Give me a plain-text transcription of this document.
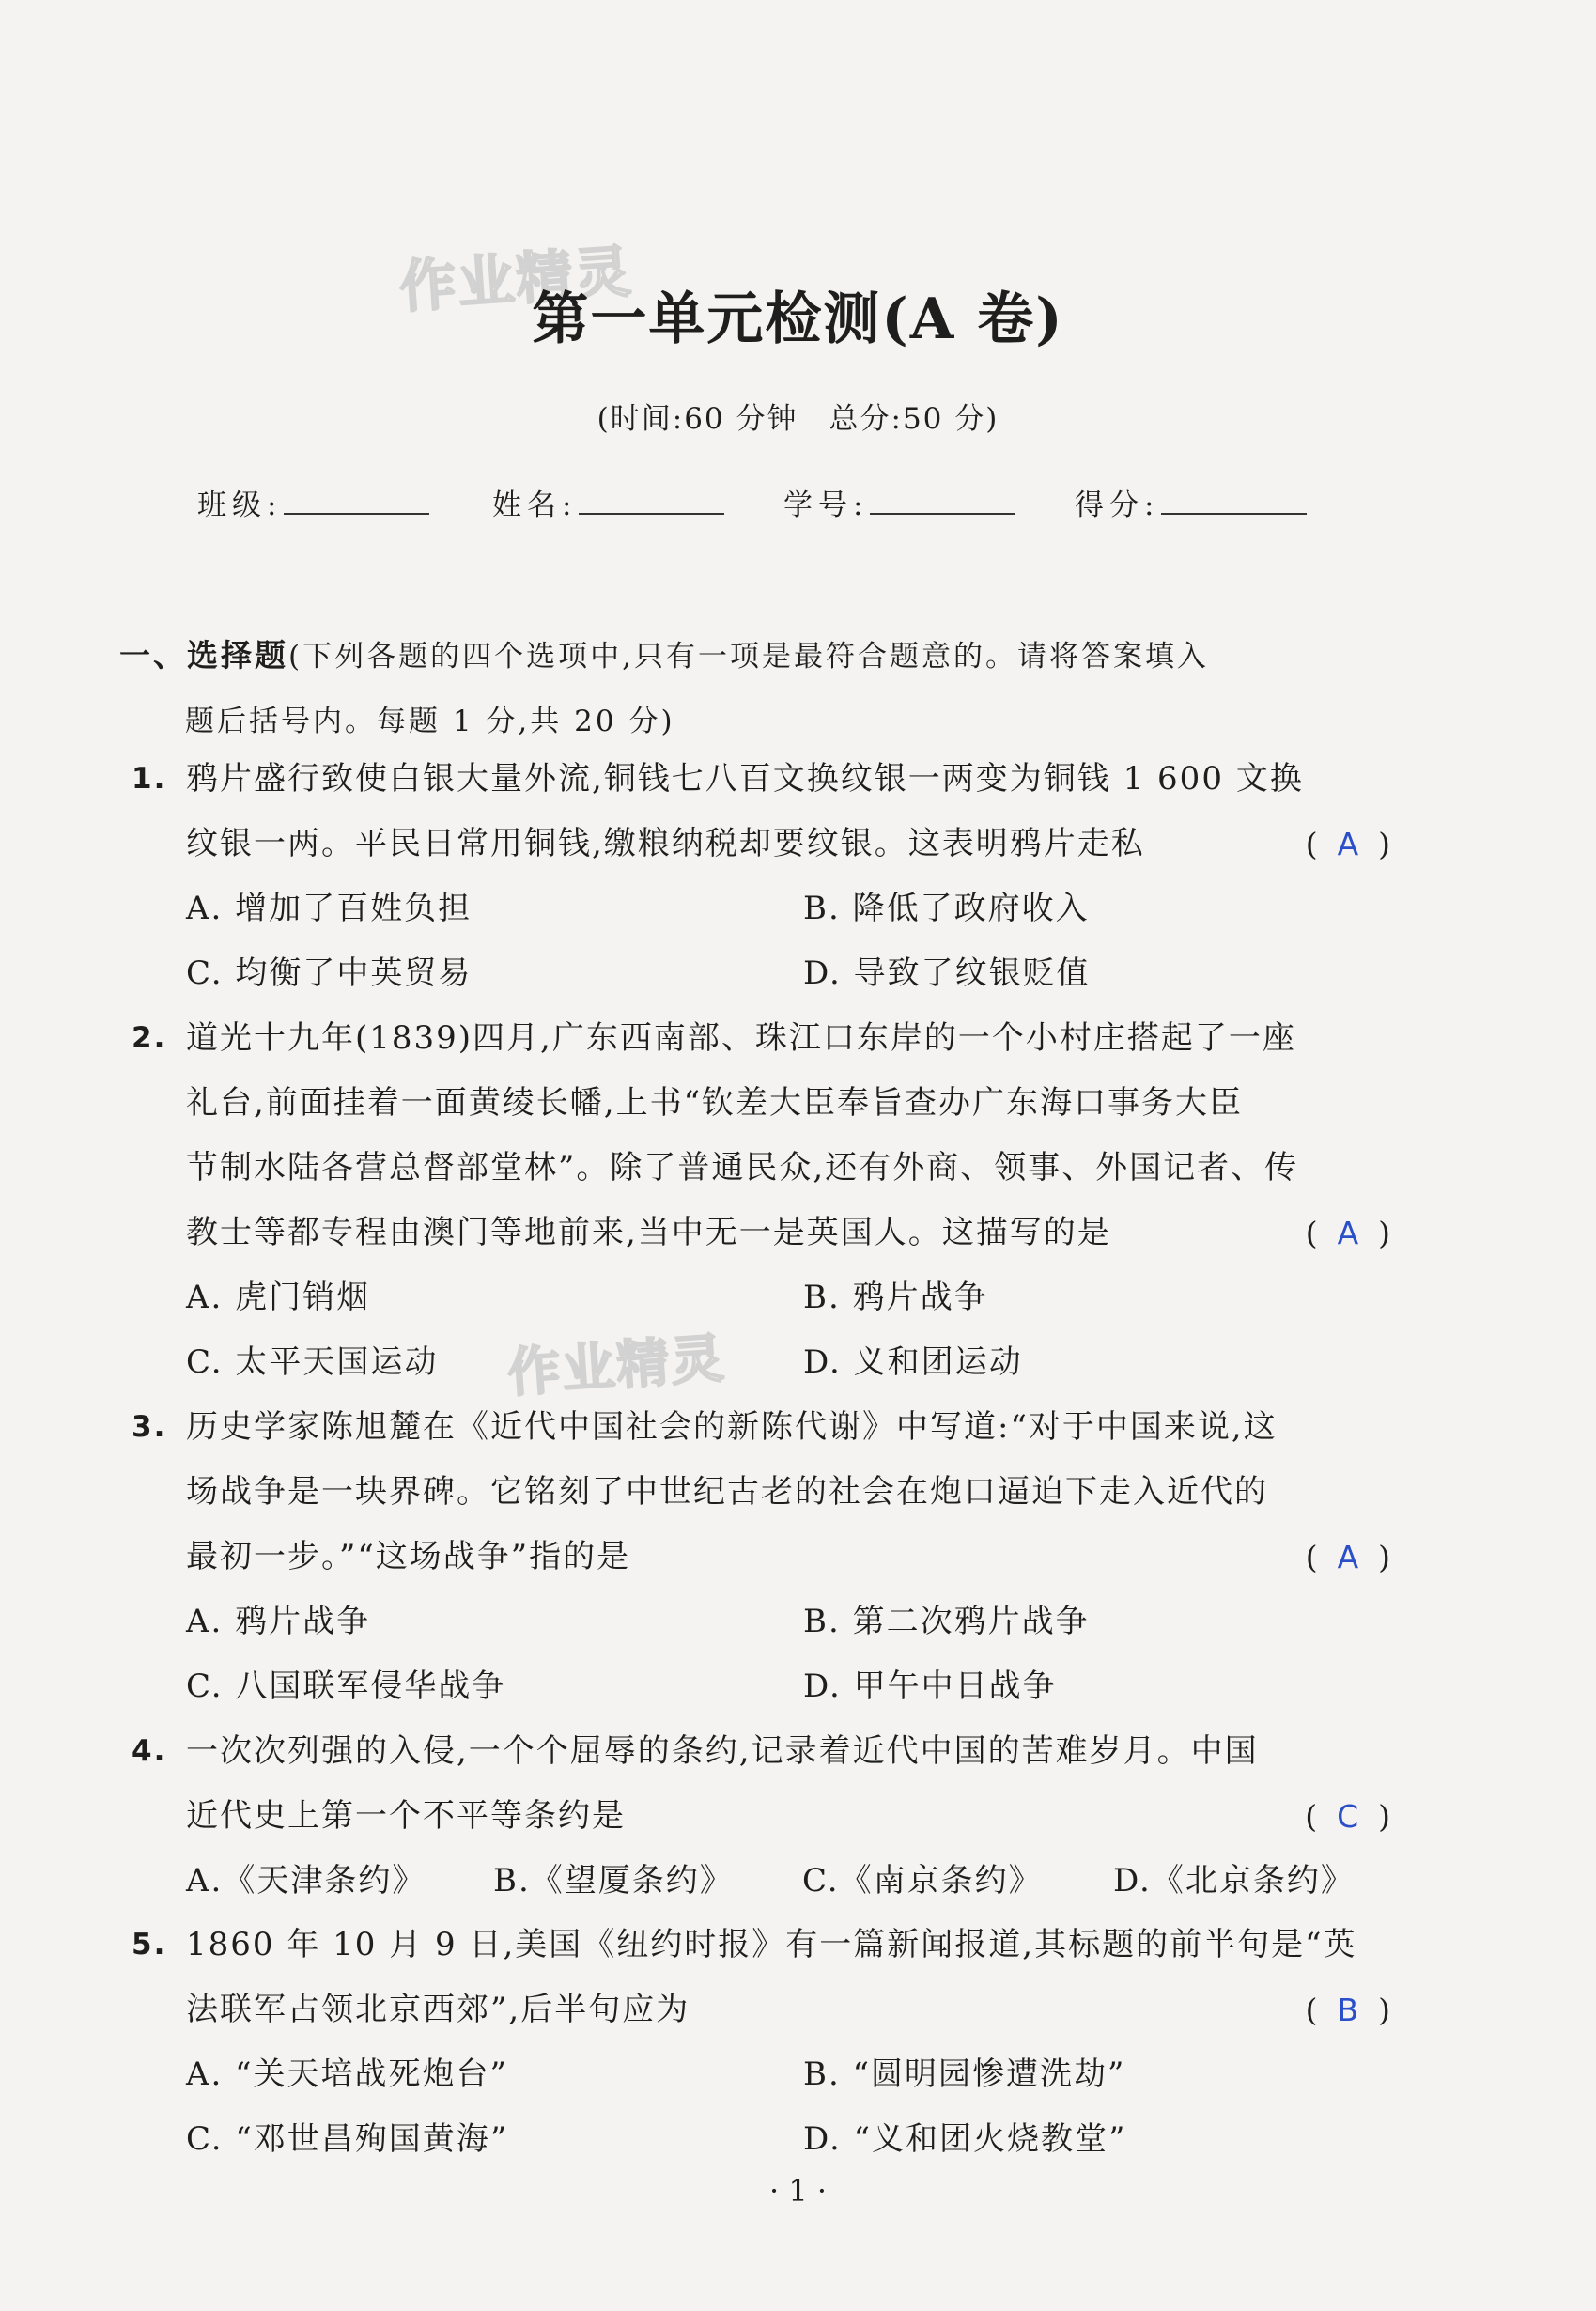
作业精灵
作业精灵
第一单元检测(A 卷)
(时间:60 分钟　总分:50 分)
班级:	姓名:	学号:	得分:
一、选择题(下列各题的四个选项中,只有一项是最符合题意的。请将答案填入
题后括号内。每题 1 分,共 20 分)
1. 鸦片盛行致使白银大量外流,铜钱七八百文换纹银一两变为铜钱 1 600 文换
纹银一两。平民日常用铜钱,缴粮纳税却要纹银。这表明鸦片走私	(  A  )
A. 增加了百姓负担	B. 降低了政府收入
C. 均衡了中英贸易	D. 导致了纹银贬值
2. 道光十九年(1839)四月,广东西南部、珠江口东岸的一个小村庄搭起了一座
礼台,前面挂着一面黄绫长幡,上书“钦差大臣奉旨查办广东海口事务大臣
节制水陆各营总督部堂林”。除了普通民众,还有外商、领事、外国记者、传
教士等都专程由澳门等地前来,当中无一是英国人。这描写的是	(  A  )
A. 虎门销烟	B. 鸦片战争
C. 太平天国运动	D. 义和团运动
3. 历史学家陈旭麓在《近代中国社会的新陈代谢》中写道:“对于中国来说,这
场战争是一块界碑。它铭刻了中世纪古老的社会在炮口逼迫下走入近代的
最初一步。”“这场战争”指的是	(  A  )
A. 鸦片战争	B. 第二次鸦片战争
C. 八国联军侵华战争	D. 甲午中日战争
4. 一次次列强的入侵,一个个屈辱的条约,记录着近代中国的苦难岁月。中国
近代史上第一个不平等条约是	(  C  )
A.《天津条约》 B.《望厦条约》 C.《南京条约》 D.《北京条约》
5. 1860 年 10 月 9 日,美国《纽约时报》有一篇新闻报道,其标题的前半句是“英
法联军占领北京西郊”,后半句应为	(  B  )
A. “关天培战死炮台”	B. “圆明园惨遭洗劫”
C. “邓世昌殉国黄海”	D. “义和团火烧教堂”
· 1 ·
